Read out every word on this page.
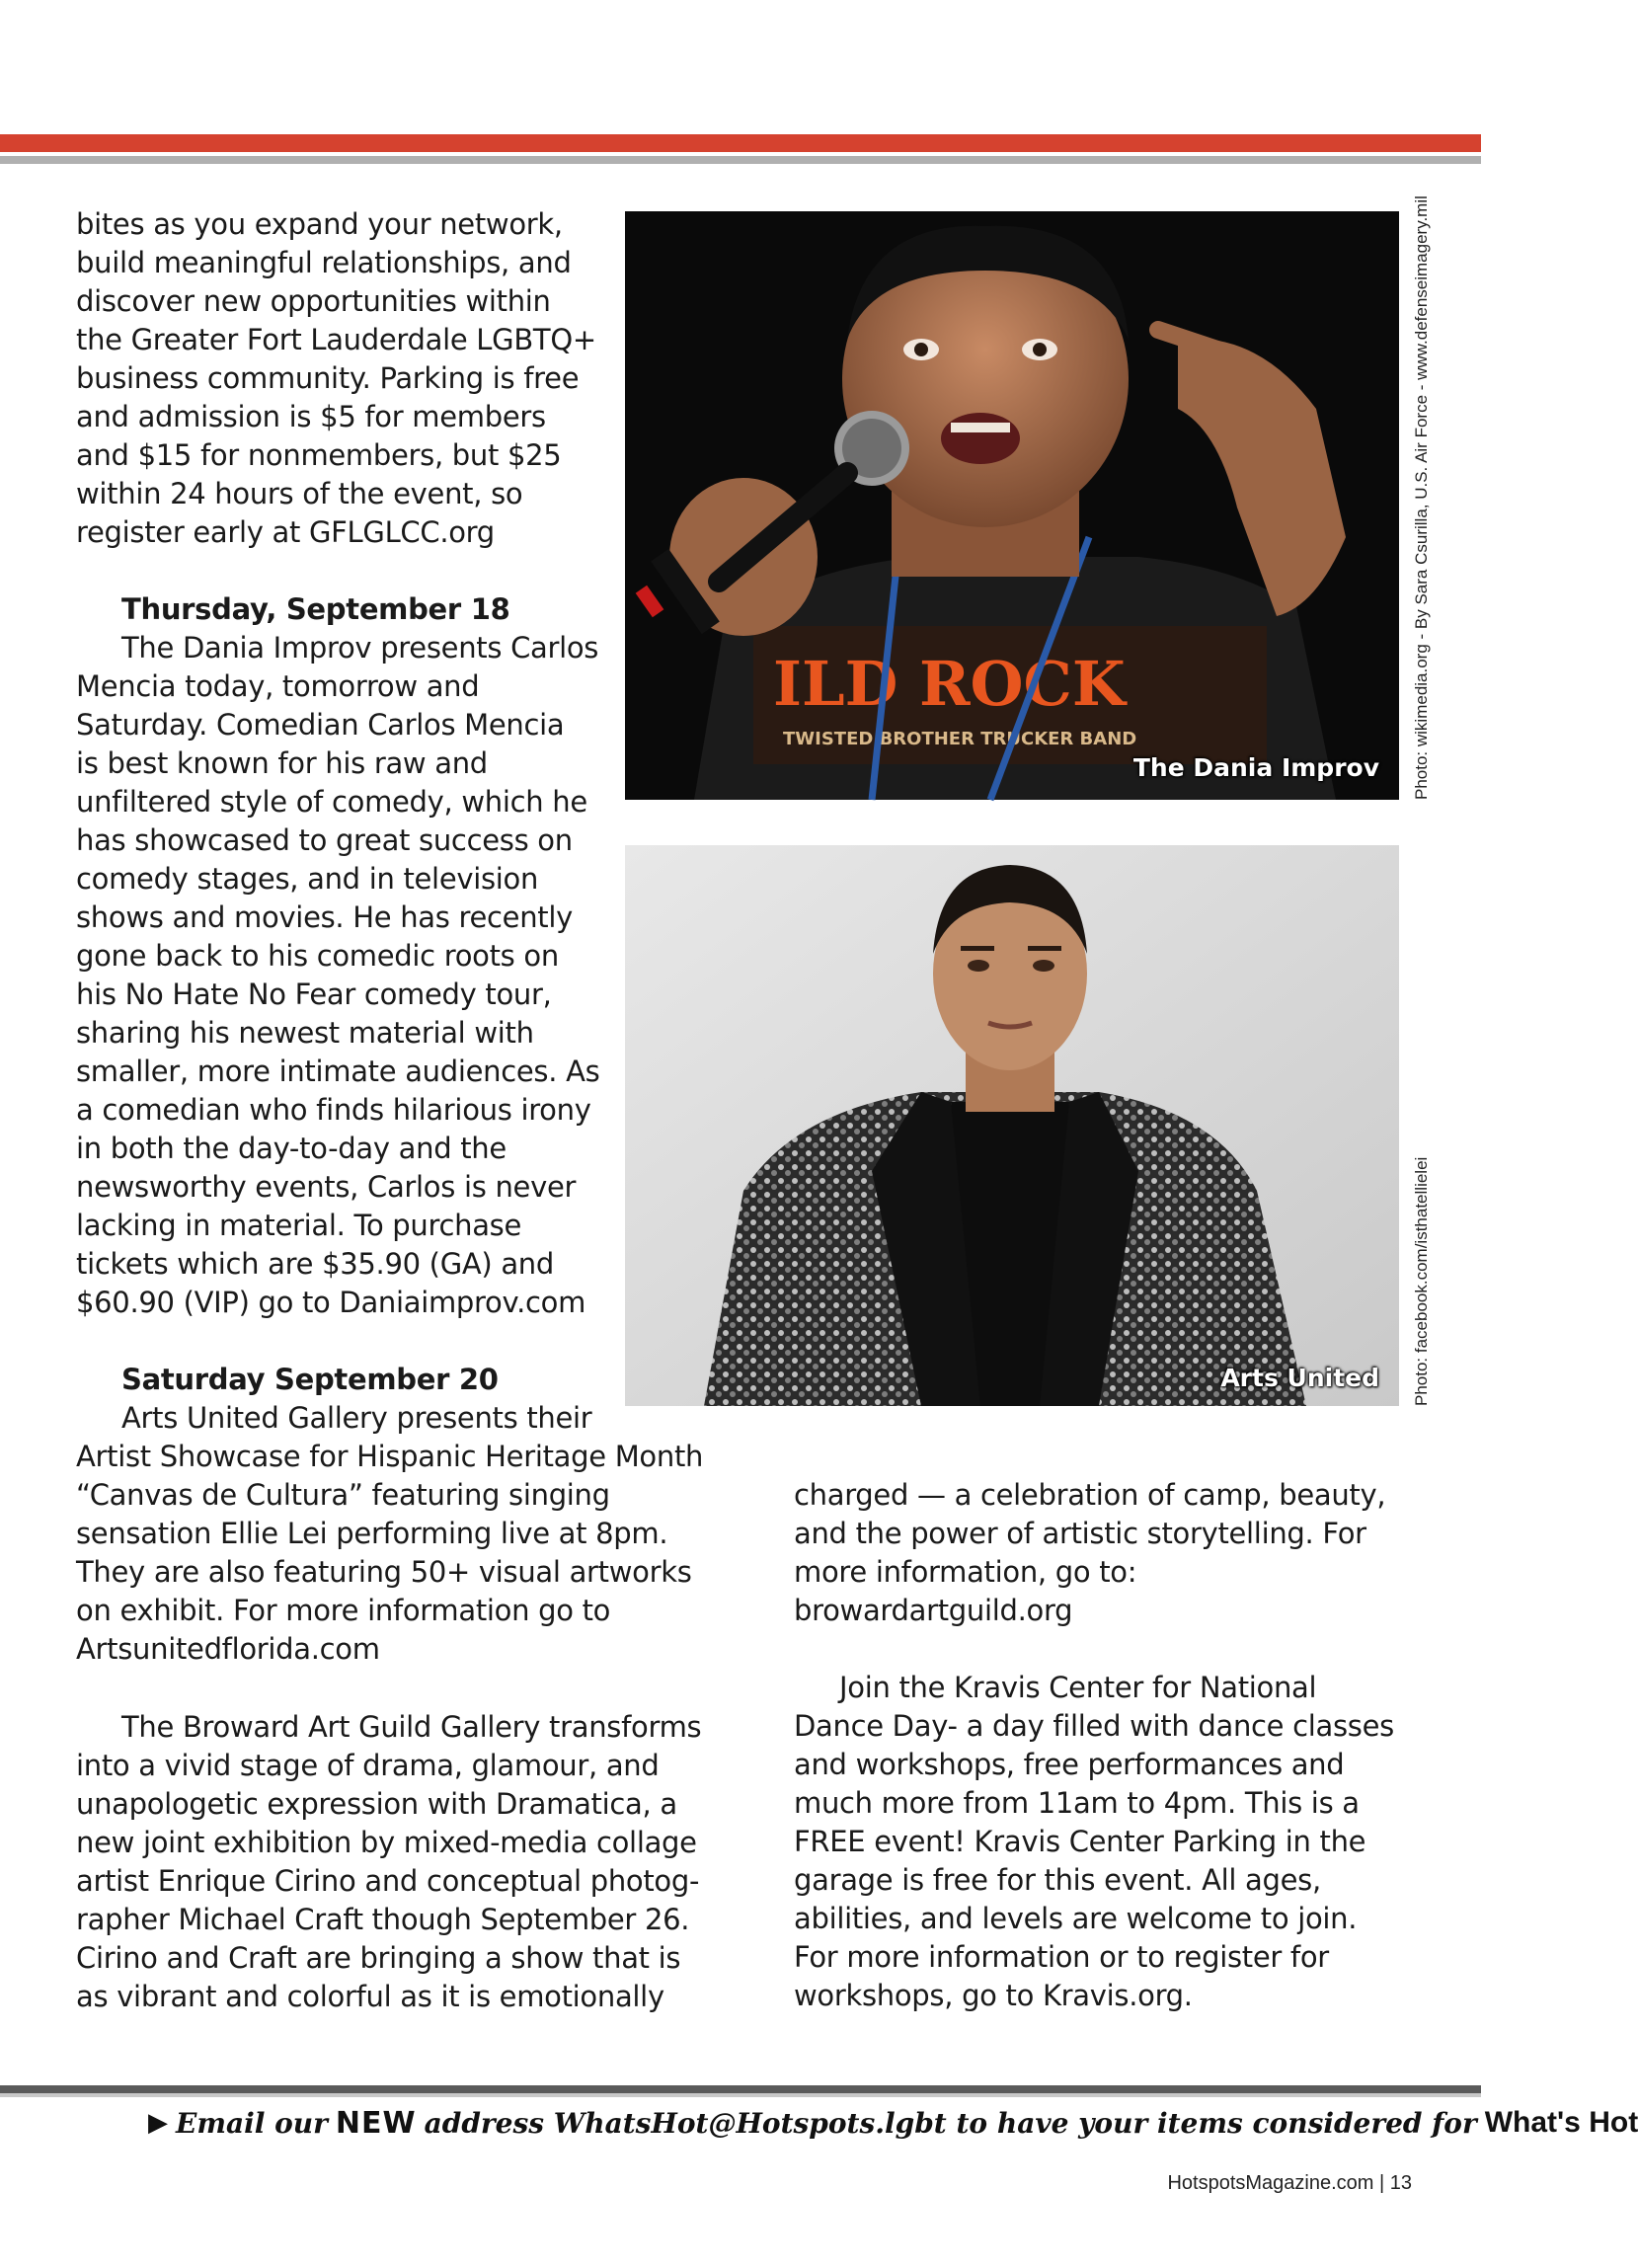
bites as you expand your network,
build meaningful relationships, and
discover new opportunities within
the Greater Fort Lauderdale LGBTQ+
business community. Parking is free
and admission is $5 for members
and $15 for nonmembers, but $25
within 24 hours of the event, so
register early at GFLGLCC.org

Thursday, September 18

The Dania Improv presents Carlos
Mencia today, tomorrow and
Saturday. Comedian Carlos Mencia
is best known for his raw and
unfiltered style of comedy, which he
has showcased to great success on
comedy stages, and in television
shows and movies. He has recently
gone back to his comedic roots on
his No Hate No Fear comedy tour,
sharing his newest material with
smaller, more intimate audiences. As
a comedian who finds hilarious irony
in both the day-to-day and the
newsworthy events, Carlos is never
lacking in material. To purchase
tickets which are $35.90 (GA) and
$60.90 (VIP) go to Daniaimprov.com

Saturday September 20

Arts United Gallery presents their
Artist Showcase for Hispanic Heritage Month
“Canvas de Cultura” featuring singing
sensation Ellie Lei performing live at 8pm.
They are also featuring 50+ visual artworks
on exhibit. For more information go to
Artsunitedflorida.com

The Broward Art Guild Gallery transforms
into a vivid stage of drama, glamour, and
unapologetic expression with Dramatica, a
new joint exhibition by mixed-media collage
artist Enrique Cirino and conceptual photog-
rapher Michael Craft though September 26.
Cirino and Craft are bringing a show that is
as vibrant and colorful as it is emotionally

charged — a celebration of camp, beauty,
and the power of artistic storytelling. For
more information, go to:
browardartguild.org

Join the Kravis Center for National
Dance Day- a day filled with dance classes
and workshops, free performances and
much more from 11am to 4pm. This is a
FREE event! Kravis Center Parking in the
garage is free for this event. All ages,
abilities, and levels are welcome to join.
For more information or to register for
workshops, go to Kravis.org.

ILD ROCK
TWISTED BROTHER TRUCKER BAND
The Dania Improv Photo: wikimedia.org - By Sara Csurilla, U.S. Air Force - www.defenseimagery.mil
Arts United Photo: facebook.com/isthatellielei
▶ Email our NEW address WhatsHot@Hotspots.lgbt to have your items considered for What's Hot
HotspotsMagazine.com | 13
